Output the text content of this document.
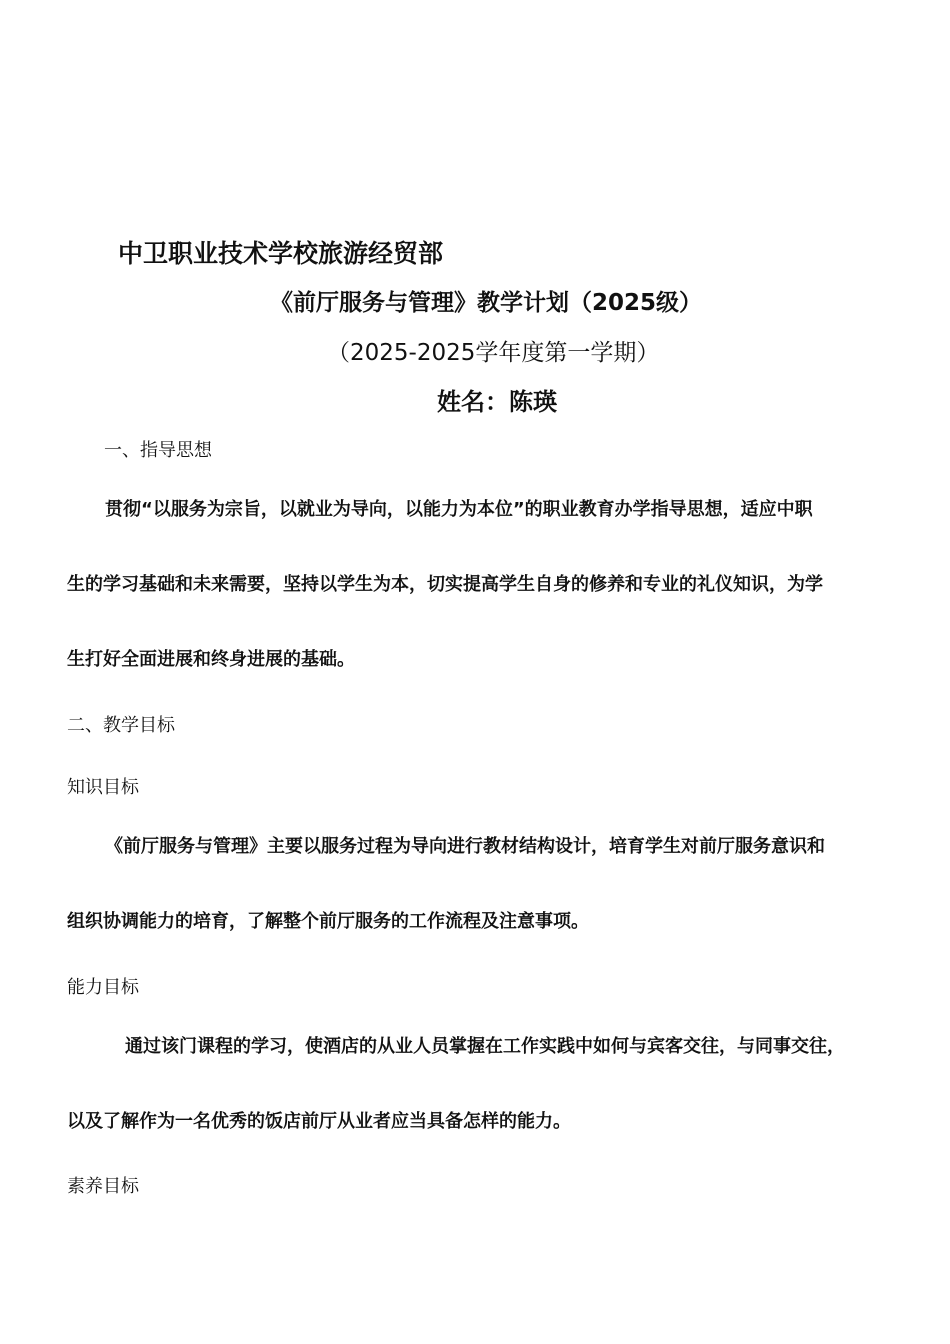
中卫职业技术学校旅游经贸部
《前厅服务与管理》教学计划（2025级）
（2025-2025学年度第一学期）
姓名：陈瑛
一、指导思想
贯彻“以服务为宗旨，以就业为导向，以能力为本位”的职业教育办学指导思想，适应中职
生的学习基础和未来需要，坚持以学生为本，切实提高学生自身的修养和专业的礼仪知识，为学
生打好全面进展和终身进展的基础。
二、教学目标
知识目标
《前厅服务与管理》主要以服务过程为导向进行教材结构设计，培育学生对前厅服务意识和
组织协调能力的培育，了解整个前厅服务的工作流程及注意事项。
能力目标
通过该门课程的学习，使酒店的从业人员掌握在工作实践中如何与宾客交往，与同事交往，
以及了解作为一名优秀的饭店前厅从业者应当具备怎样的能力。
素养目标
